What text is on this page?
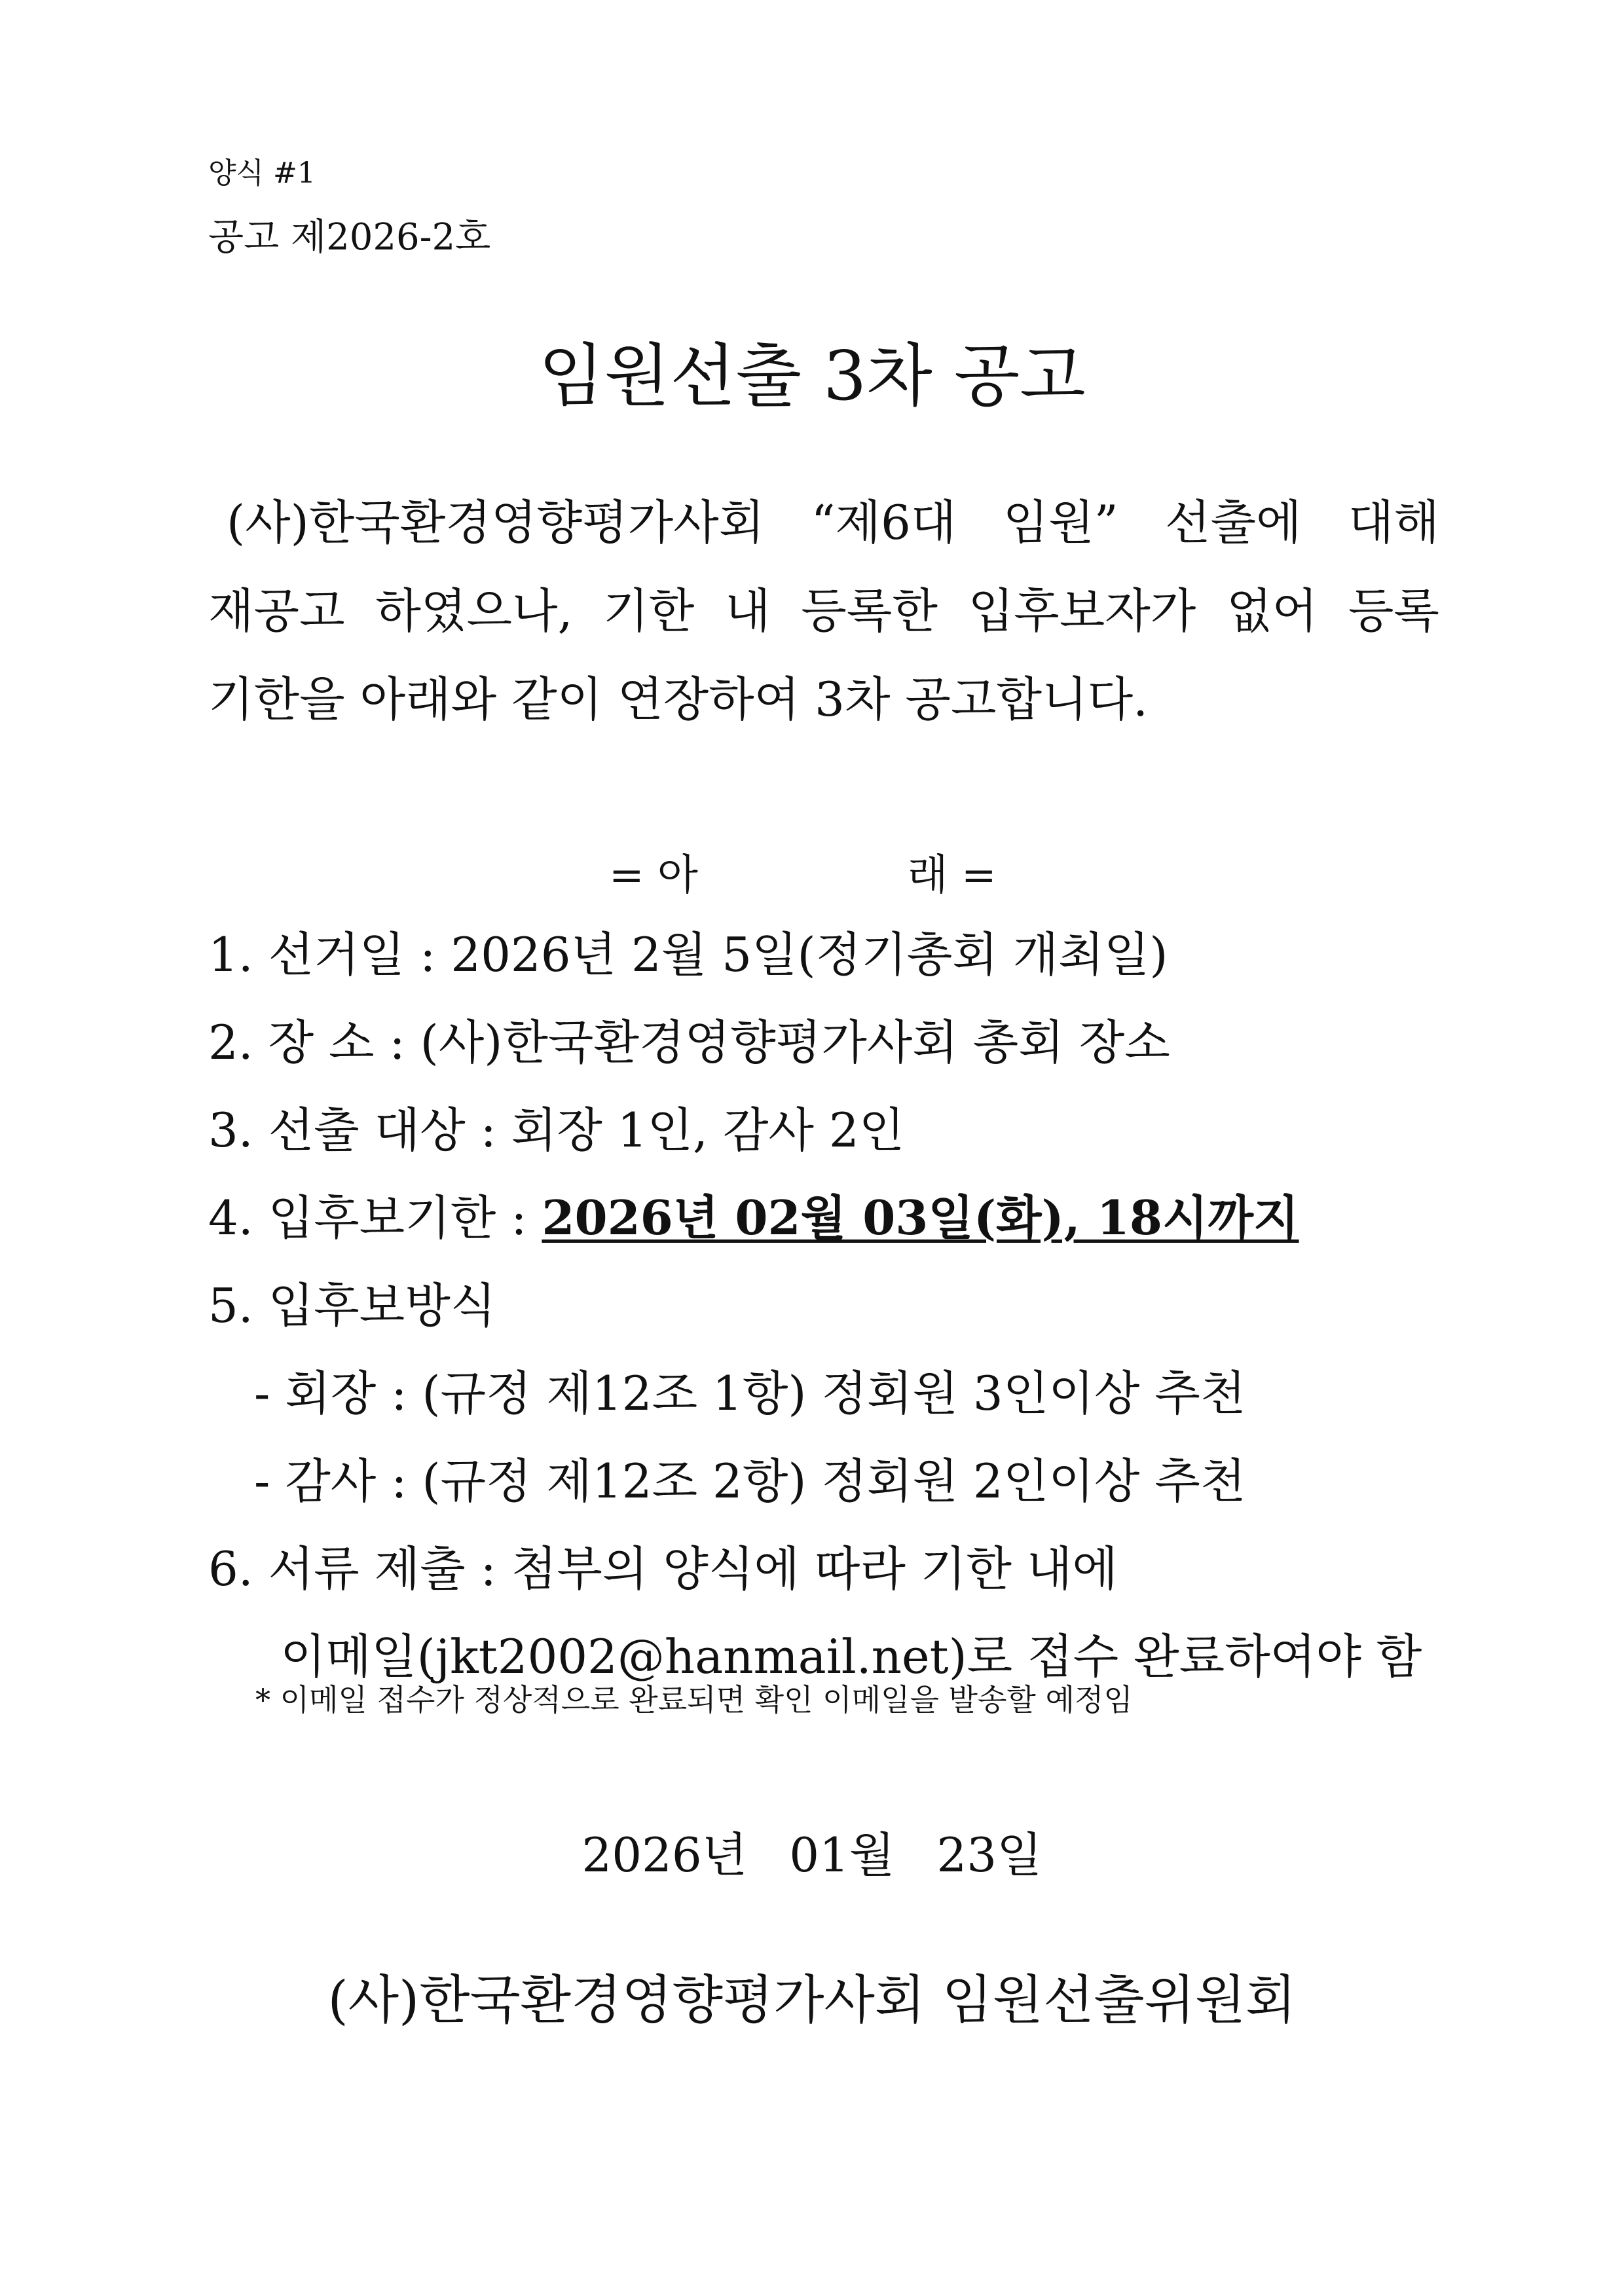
양식 #1
공고 제2026-2호
임원선출 3차 공고
(사)한국환경영향평가사회 “제6대 임원” 선출에 대해
재공고 하였으나, 기한 내 등록한 입후보자가 없어 등록
기한을 아래와 같이 연장하여 3차 공고합니다.
= 아	래 =
1. 선거일 : 2026년 2월 5일(정기총회 개최일)
2. 장 소 : (사)한국환경영향평가사회 총회 장소
3. 선출 대상 : 회장 1인, 감사 2인
4. 입후보기한 : 2026년 02월 03일(화), 18시까지
5. 입후보방식
- 회장 : (규정 제12조 1항) 정회원 3인이상 추천
- 감사 : (규정 제12조 2항) 정회원 2인이상 추천
6. 서류 제출 : 첨부의 양식에 따라 기한 내에
이메일(jkt2002@hanmail.net)로 접수 완료하여야 함
* 이메일 접수가 정상적으로 완료되면 확인 이메일을 발송할 예정임
2026년 01월 23일
(사)한국환경영향평가사회 임원선출위원회
